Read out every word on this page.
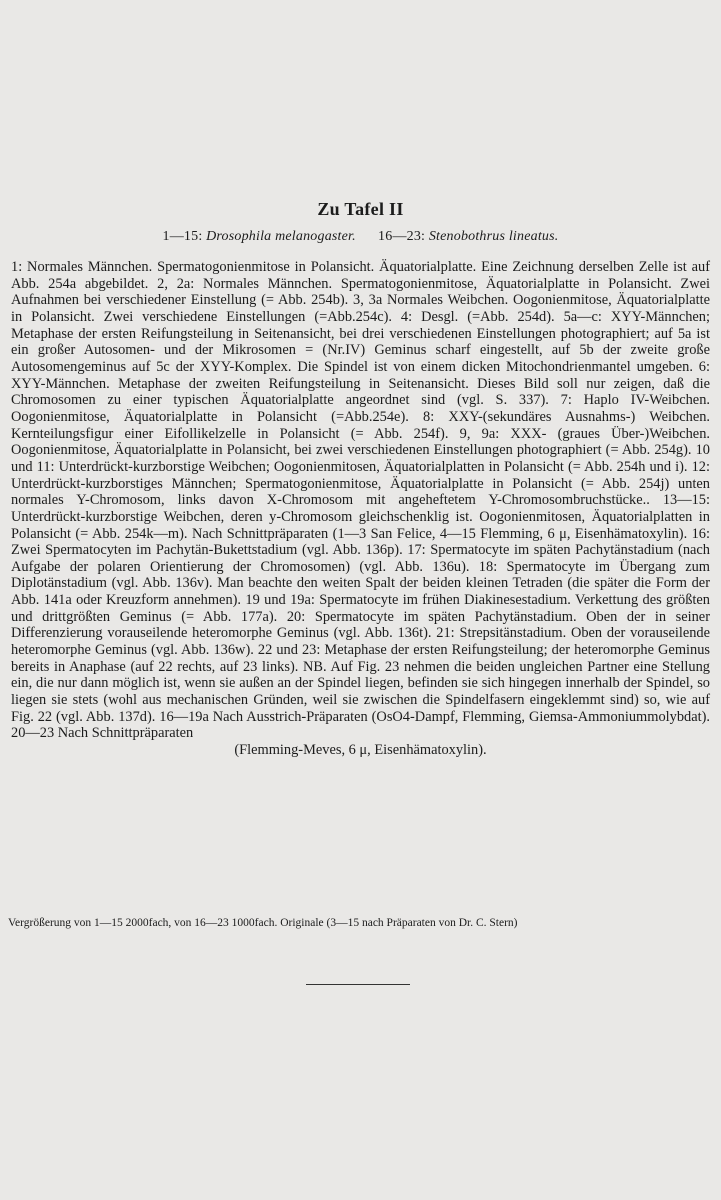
Zu Tafel II
1—15: Drosophila melanogaster. 16—23: Stenobothrus lineatus.

1: Normales Männchen. Spermatogonienmitose in Polansicht. Äquatorialplatte. Eine Zeichnung derselben Zelle ist auf Abb. 254a abgebildet. 2, 2a: Normales Männchen. Spermatogonienmitose, Äquatorialplatte in Polansicht. Zwei Aufnahmen bei verschiedener Einstellung (= Abb. 254b). 3, 3a Normales Weibchen. Oogonienmitose, Äquatorialplatte in Polansicht. Zwei verschiedene Einstellungen (=Abb.254c). 4: Desgl. (=Abb. 254d). 5a—c: XYY-Männchen; Metaphase der ersten Reifungsteilung in Seitenansicht, bei drei verschiedenen Einstellungen photographiert; auf 5a ist ein großer Autosomen- und der Mikrosomen = (Nr.IV) Geminus scharf eingestellt, auf 5b der zweite große Autosomengeminus auf 5c der XYY-Komplex. Die Spindel ist von einem dicken Mitochondrienmantel umgeben. 6: XYY-Männchen. Metaphase der zweiten Reifungsteilung in Seitenansicht. Dieses Bild soll nur zeigen, daß die Chromosomen zu einer typischen Äquatorialplatte angeordnet sind (vgl. S. 337). 7: Haplo IV-Weibchen. Oogonienmitose, Äquatorialplatte in Polansicht (=Abb.254e). 8: XXY-(sekundäres Ausnahms-) Weibchen. Kernteilungsfigur einer Eifollikelzelle in Polansicht (= Abb. 254f). 9, 9a: XXX- (graues Über-)Weibchen. Oogonienmitose, Äquatorialplatte in Polansicht, bei zwei verschiedenen Einstellungen photographiert (= Abb. 254g). 10 und 11: Unterdrückt-kurzborstige Weibchen; Oogonienmitosen, Äquatorialplatten in Polansicht (= Abb. 254h und i). 12: Unterdrückt-kurzborstiges Männchen; Spermatogonienmitose, Äquatorialplatte in Polansicht (= Abb. 254j) unten normales Y-Chromosom, links davon X-Chromosom mit angeheftetem Y-Chromosombruchstücke.. 13—15: Unterdrückt-kurzborstige Weibchen, deren y-Chromosom gleichschenklig ist. Oogonienmitosen, Äquatorialplatten in Polansicht (= Abb. 254k—m). Nach Schnittpräparaten (1—3 San Felice, 4—15 Flemming, 6 μ, Eisenhämatoxylin). 16: Zwei Spermatocyten im Pachytän-Bukettstadium (vgl. Abb. 136p). 17: Spermatocyte im späten Pachytänstadium (nach Aufgabe der polaren Orientierung der Chromosomen) (vgl. Abb. 136u). 18: Spermatocyte im Übergang zum Diplotänstadium (vgl. Abb. 136v). Man beachte den weiten Spalt der beiden kleinen Tetraden (die später die Form der Abb. 141a oder Kreuzform annehmen). 19 und 19a: Spermatocyte im frühen Diakinesestadium. Verkettung des größten und drittgrößten Geminus (= Abb. 177a). 20: Spermatocyte im späten Pachytänstadium. Oben der in seiner Differenzierung vorauseilende heteromorphe Geminus (vgl. Abb. 136t). 21: Strepsitänstadium. Oben der vorauseilende heteromorphe Geminus (vgl. Abb. 136w). 22 und 23: Metaphase der ersten Reifungsteilung; der heteromorphe Geminus bereits in Anaphase (auf 22 rechts, auf 23 links). NB. Auf Fig. 23 nehmen die beiden ungleichen Partner eine Stellung ein, die nur dann möglich ist, wenn sie außen an der Spindel liegen, befinden sie sich hingegen innerhalb der Spindel, so liegen sie stets (wohl aus mechanischen Gründen, weil sie zwischen die Spindelfasern eingeklemmt sind) so, wie auf Fig. 22 (vgl. Abb. 137d). 16—19a Nach Ausstrich-Präparaten (OsO4-Dampf, Flemming, Giemsa-Ammoniummolybdat). 20—23 Nach Schnittpräparaten

(Flemming-Meves, 6 μ, Eisenhämatoxylin).

Vergrößerung von 1—15 2000fach, von 16—23 1000fach. Originale (3—15 nach Präparaten von Dr. C. Stern)
